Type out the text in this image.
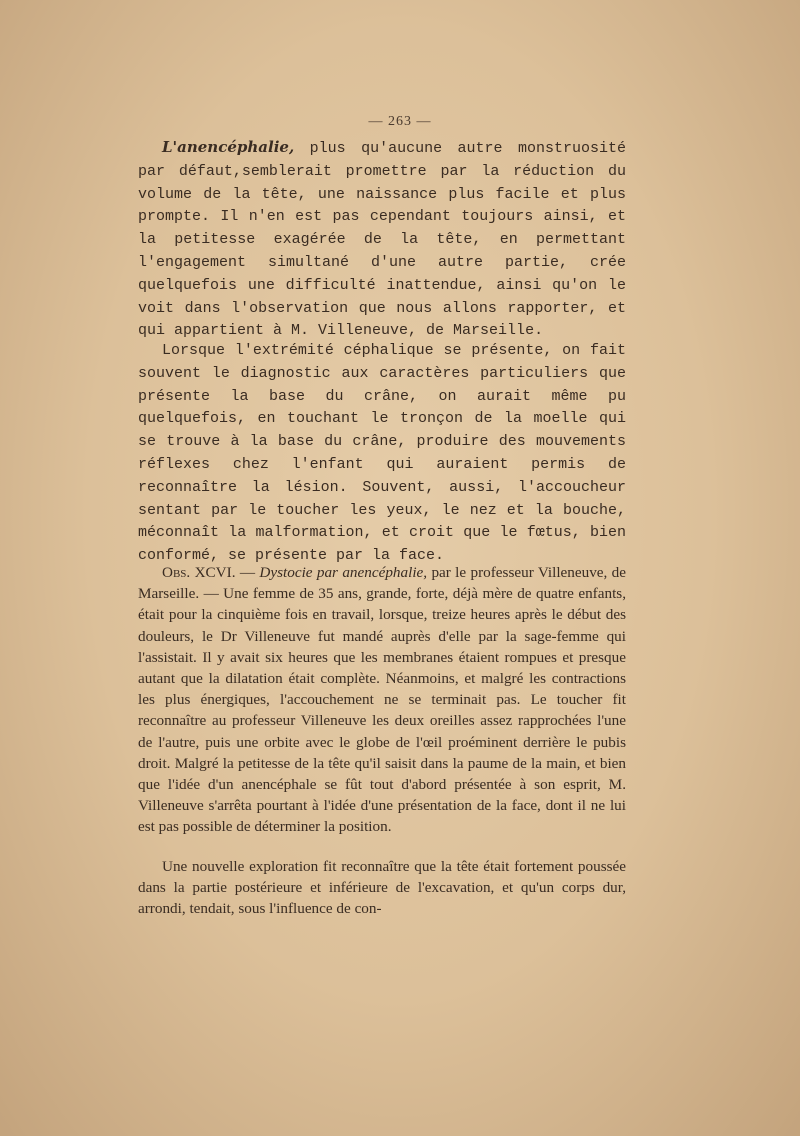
— 263 —

L'anencéphalie, plus qu'aucune autre monstruosité par défaut,semblerait promettre par la réduction du volume de la tête, une naissance plus facile et plus prompte. Il n'en est pas cependant toujours ainsi, et la petitesse exagérée de la tête, en permettant l'engagement simultané d'une autre partie, crée quelquefois une difficulté inattendue, ainsi qu'on le voit dans l'observation que nous allons rapporter, et qui appartient à M. Villeneuve, de Marseille.

Lorsque l'extrémité céphalique se présente, on fait souvent le diagnostic aux caractères particuliers que présente la base du crâne, on aurait même pu quelquefois, en touchant le tronçon de la moelle qui se trouve à la base du crâne, produire des mouvements réflexes chez l'enfant qui auraient permis de reconnaître la lésion. Souvent, aussi, l'accoucheur sentant par le toucher les yeux, le nez et la bouche, méconnaît la malformation, et croit que le fœtus, bien conformé, se présente par la face.

Obs. XCVI. — Dystocie par anencéphalie, par le professeur Villeneuve, de Marseille. — Une femme de 35 ans, grande, forte, déjà mère de quatre enfants, était pour la cinquième fois en travail, lorsque, treize heures après le début des douleurs, le Dr Villeneuve fut mandé auprès d'elle par la sage-femme qui l'assistait. Il y avait six heures que les membranes étaient rompues et presque autant que la dilatation était complète. Néanmoins, et malgré les contractions les plus énergiques, l'accouchement ne se terminait pas. Le toucher fit reconnaître au professeur Villeneuve les deux oreilles assez rapprochées l'une de l'autre, puis une orbite avec le globe de l'œil proéminent derrière le pubis droit. Malgré la petitesse de la tête qu'il saisit dans la paume de la main, et bien que l'idée d'un anencéphale se fût tout d'abord présentée à son esprit, M. Villeneuve s'arrêta pourtant à l'idée d'une présentation de la face, dont il ne lui est pas possible de déterminer la position.

Une nouvelle exploration fit reconnaître que la tête était fortement poussée dans la partie postérieure et inférieure de l'excavation, et qu'un corps dur, arrondi, tendait, sous l'influence de con-
